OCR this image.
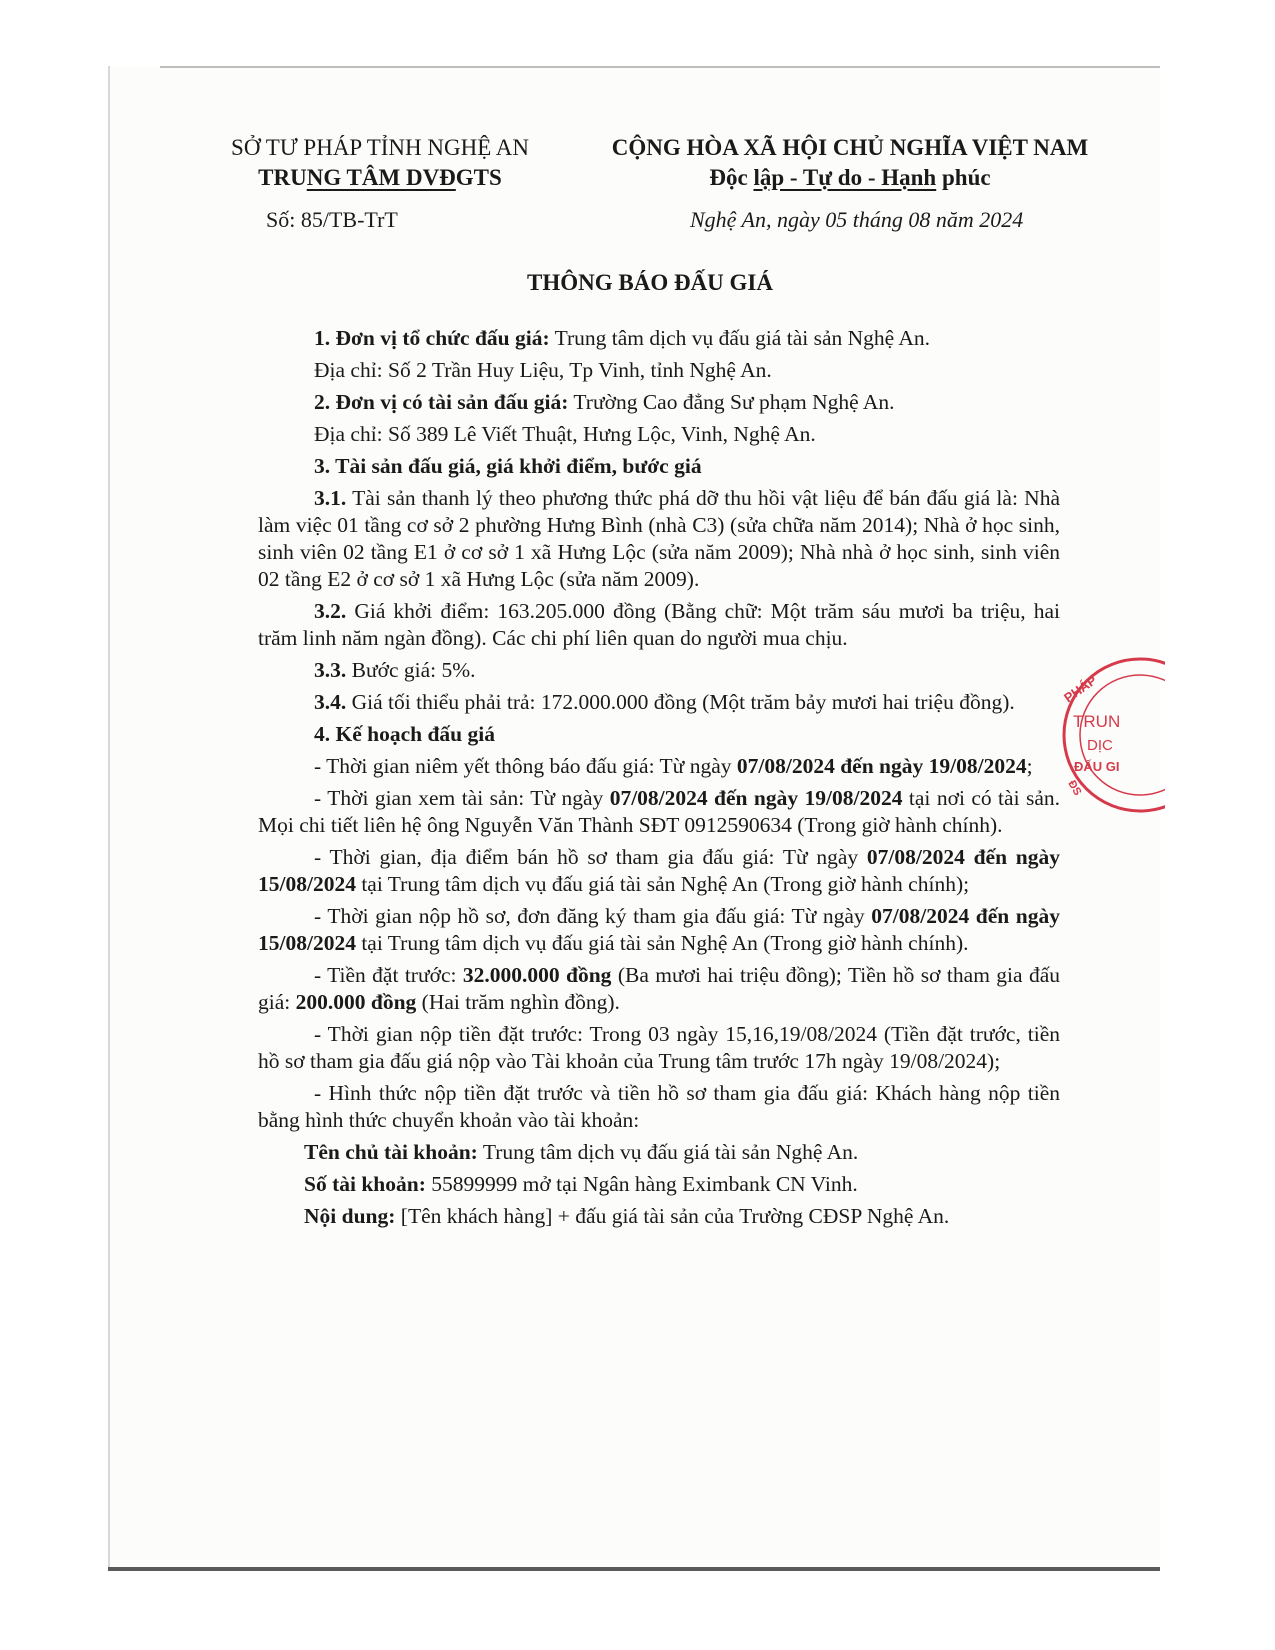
SỞ TƯ PHÁP TỈNH NGHỆ AN
TRUNG TÂM DVĐGTS
CỘNG HÒA XÃ HỘI CHỦ NGHĨA VIỆT NAM
Độc lập - Tự do - Hạnh phúc
Số: 85/TB-TrT	Nghệ An, ngày 05 tháng 08 năm 2024
THÔNG BÁO ĐẤU GIÁ

1. Đơn vị tổ chức đấu giá: Trung tâm dịch vụ đấu giá tài sản Nghệ An.

Địa chỉ: Số 2 Trần Huy Liệu, Tp Vinh, tỉnh Nghệ An.

2. Đơn vị có tài sản đấu giá: Trường Cao đẳng Sư phạm Nghệ An.

Địa chỉ: Số 389 Lê Viết Thuật, Hưng Lộc, Vinh, Nghệ An.

3. Tài sản đấu giá, giá khởi điểm, bước giá

3.1. Tài sản thanh lý theo phương thức phá dỡ thu hồi vật liệu để bán đấu giá là: Nhà làm việc 01 tầng cơ sở 2 phường Hưng Bình (nhà C3) (sửa chữa năm 2014); Nhà ở học sinh, sinh viên 02 tầng E1 ở cơ sở 1 xã Hưng Lộc (sửa năm 2009); Nhà nhà ở học sinh, sinh viên 02 tầng E2 ở cơ sở 1 xã Hưng Lộc (sửa năm 2009).

3.2. Giá khởi điểm: 163.205.000 đồng (Bằng chữ: Một trăm sáu mươi ba triệu, hai trăm linh năm ngàn đồng). Các chi phí liên quan do người mua chịu.

3.3. Bước giá: 5%.

3.4. Giá tối thiểu phải trả: 172.000.000 đồng (Một trăm bảy mươi hai triệu đồng).

4. Kế hoạch đấu giá

- Thời gian niêm yết thông báo đấu giá: Từ ngày 07/08/2024 đến ngày 19/08/2024;

- Thời gian xem tài sản: Từ ngày 07/08/2024 đến ngày 19/08/2024 tại nơi có tài sản. Mọi chi tiết liên hệ ông Nguyễn Văn Thành SĐT 0912590634 (Trong giờ hành chính).

- Thời gian, địa điểm bán hồ sơ tham gia đấu giá: Từ ngày 07/08/2024 đến ngày 15/08/2024 tại Trung tâm dịch vụ đấu giá tài sản Nghệ An (Trong giờ hành chính);

- Thời gian nộp hồ sơ, đơn đăng ký tham gia đấu giá: Từ ngày 07/08/2024 đến ngày 15/08/2024 tại Trung tâm dịch vụ đấu giá tài sản Nghệ An (Trong giờ hành chính).

- Tiền đặt trước: 32.000.000 đồng (Ba mươi hai triệu đồng); Tiền hồ sơ tham gia đấu giá: 200.000 đồng (Hai trăm nghìn đồng).

- Thời gian nộp tiền đặt trước: Trong 03 ngày 15,16,19/08/2024 (Tiền đặt trước, tiền hồ sơ tham gia đấu giá nộp vào Tài khoản của Trung tâm trước 17h ngày 19/08/2024);

- Hình thức nộp tiền đặt trước và tiền hồ sơ tham gia đấu giá: Khách hàng nộp tiền bằng hình thức chuyển khoản vào tài khoản:

Tên chủ tài khoản: Trung tâm dịch vụ đấu giá tài sản Nghệ An.

Số tài khoản: 55899999 mở tại Ngân hàng Eximbank CN Vinh.

Nội dung: [Tên khách hàng] + đấu giá tài sản của Trường CĐSP Nghệ An.

PHÁP
TRUN
DỊC
ĐẤU GI
ĐS
